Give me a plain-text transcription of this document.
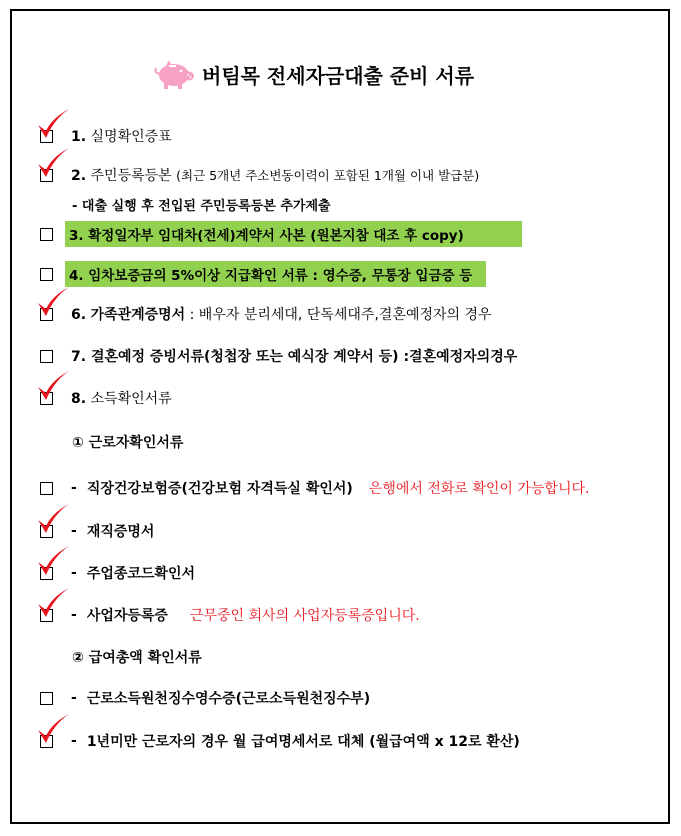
버팀목 전세자금대출 준비 서류
1. 실명확인증표
2. 주민등록등본 (최근 5개년 주소변동이력이 포함된 1개월 이내 발급분)
- 대출 실행 후 전입된 주민등록등본 추가제출
3. 확정일자부 임대차(전세)계약서 사본 (원본지참 대조 후 copy)
4. 임차보증금의 5%이상 지급확인 서류 : 영수증, 무통장 입금증 등
6. 가족관계증명서 : 배우자 분리세대, 단독세대주,결혼예정자의 경우
7. 결혼예정 증빙서류(청첩장 또는 예식장 계약서 등) :결혼예정자의경우
8. 소득확인서류
① 근로자확인서류
- 직장건강보험증(건강보험 자격득실 확인서) 은행에서 전화로 확인이 가능합니다.
- 재직증명서
- 주업종코드확인서
- 사업자등록증 근무중인 회사의 사업자등록증입니다.
② 급여총액 확인서류
- 근로소득원천징수영수증(근로소득원천징수부)
- 1년미만 근로자의 경우 월 급여명세서로 대체 (월급여액 x 12로 환산)
